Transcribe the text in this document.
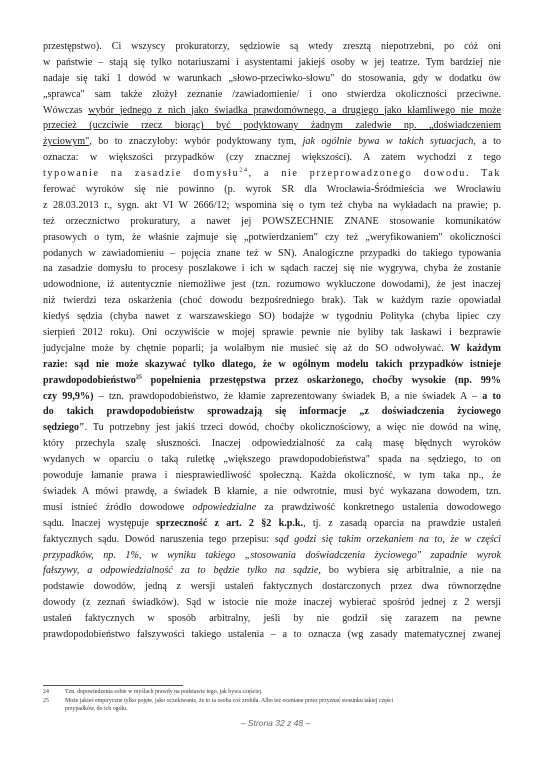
przestępstwo). Ci wszyscy prokuratorzy, sędziowie są wtedy zresztą niepotrzebni, po cóż oni
w państwie – stają się tylko notariuszami i asystentami jakiejś osoby w jej teatrze. Tym bardziej nie
nadaje się taki 1 dowód w warunkach „słowo-przeciwko-słowu" do stosowania, gdy w dodatku ów
„sprawca" sam także złożył zeznanie /zawiadomienie/ i ono stwierdza okoliczności przeciwne.
Wówczas wybór jednego z nich jako świadka prawdomównego, a drugiego jako kłamliwego nie może
przecież (uczciwie rzecz biorąc) być podyktowany żadnym zaledwie np. „doświadczeniem
życiowym", bo to znaczyłoby: wybór podyktowany tym, jak ogólnie bywa w takich sytuacjach, a to
oznacza: w większości przypadków (czy znacznej większości). A zatem wychodzi z tego
typowanie na zasadzie domysłu$^{24}$, a nie przeprowadzonego dowodu. Tak
ferować wyroków się nie powinno (p. wyrok SR dla Wrocławia-Śródmieścia we Wrocławiu
z 28.03.2013 r., sygn. akt VI W 2666/12; wspomina się o tym też chyba na wykładach na prawie; p.
też orzecznictwo prokuratury, a nawet jej POWSZECHNIE ZNANE stosowanie komunikatów
prasowych o tym, że właśnie zajmuje się „potwierdzaniem" czy też „weryfikowaniem" okoliczności
podanych w zawiadomieniu – pojęcia znane też w SN). Analogiczne przypadki do takiego typowania
na zasadzie domysłu to procesy poszlakowe i ich w sądach raczej się nie wygrywa, chyba że zostanie
udowodnione, iż autentycznie niemożliwe jest (tzn. rozumowo wykluczone dowodami), że jest inaczej
niż twierdzi teza oskarżenia (choć dowodu bezpośredniego brak). Tak w każdym razie opowiadał
kiedyś sędzia (chyba nawet z warszawskiego SO) bodajże w tygodniu Polityka (chyba lipiec czy
sierpień 2012 roku). Oni oczywiście w mojej sprawie pewnie nie byliby tak łaskawi i bezprawie
judycjalne może by chętnie poparli; ja wolałbym nie musieć się aż do SO odwoływać. W każdym
razie: sąd nie może skazywać tylko dlatego, że w ogólnym modelu takich przypadków istnieje
prawdopodobieństwo$^{25}$ popełnienia przestępstwa przez oskarżonego, choćby wysokie (np. 99%
czy 99,9%) – tzn. prawdopodobieństwo, że kłamie zaprezentowany świadek B, a nie świadek A – a to
do takich prawdopodobieństw sprowadzają się informacje „z doświadczenia życiowego
sędziego". Tu potrzebny jest jakiś trzeci dowód, choćby okolicznościowy, a więc nie dowód na winę,
który przechyla szalę słuszności. Inaczej odpowiedzialność za całą masę błędnych wyroków
wydanych w oparciu o taką ruletkę „większego prawdopodobieństwa" spada na sędziego, to on
powoduje łamanie prawa i niesprawiedliwość społeczną. Każda okoliczność, w tym taka np., że
świadek A mówi prawdę, a świadek B kłamie, a nie odwrotnie, musi być wykazana dowodem, tzn.
musi istnieć źródło dowodowe odpowiedzialne za prawdziwość konkretnego ustalenia dowodowego
sądu. Inaczej występuje sprzeczność z art. 2 §2 k.p.k., tj. z zasadą oparcia na prawdzie ustaleń
faktycznych sądu. Dowód naruszenia tego przepisu: sąd godzi się takim orzekaniem na to, że w części
przypadków, np. 1%, w wyniku takiego „stosowania doświadczenia życiowego" zapadnie wyrok
fałszywy, a odpowiedzialność za to będzie tylko na sądzie, bo wybiera się arbitralnie, a nie na
podstawie dowodów, jedną z wersji ustaleń faktycznych dostarczonych przez dwa równorzędne
dowody (z zeznań świadków). Sąd w istocie nie może inaczej wybierać spośród jednej z 2 wersji
ustaleń faktycznych w sposób arbitralny, jeśli by nie godził się zarazem na pewne
prawdopodobieństwo fałszywości takiego ustalenia – a to oznacza (wg zasady matematycznej zwanej
24	Tzn. dopowiedzenia sobie w myślach prawdy na podstawie tego, jak bywa częściej.
25	Może jakieś empiryczne tylko pojęte, jako oczekiwanie, że to ta osoba coś zrobiła. Albo też oceniane przez przyznać stosunku takiej części
przypadków, do ich ogółu.
– Strona 32 z 48 –
